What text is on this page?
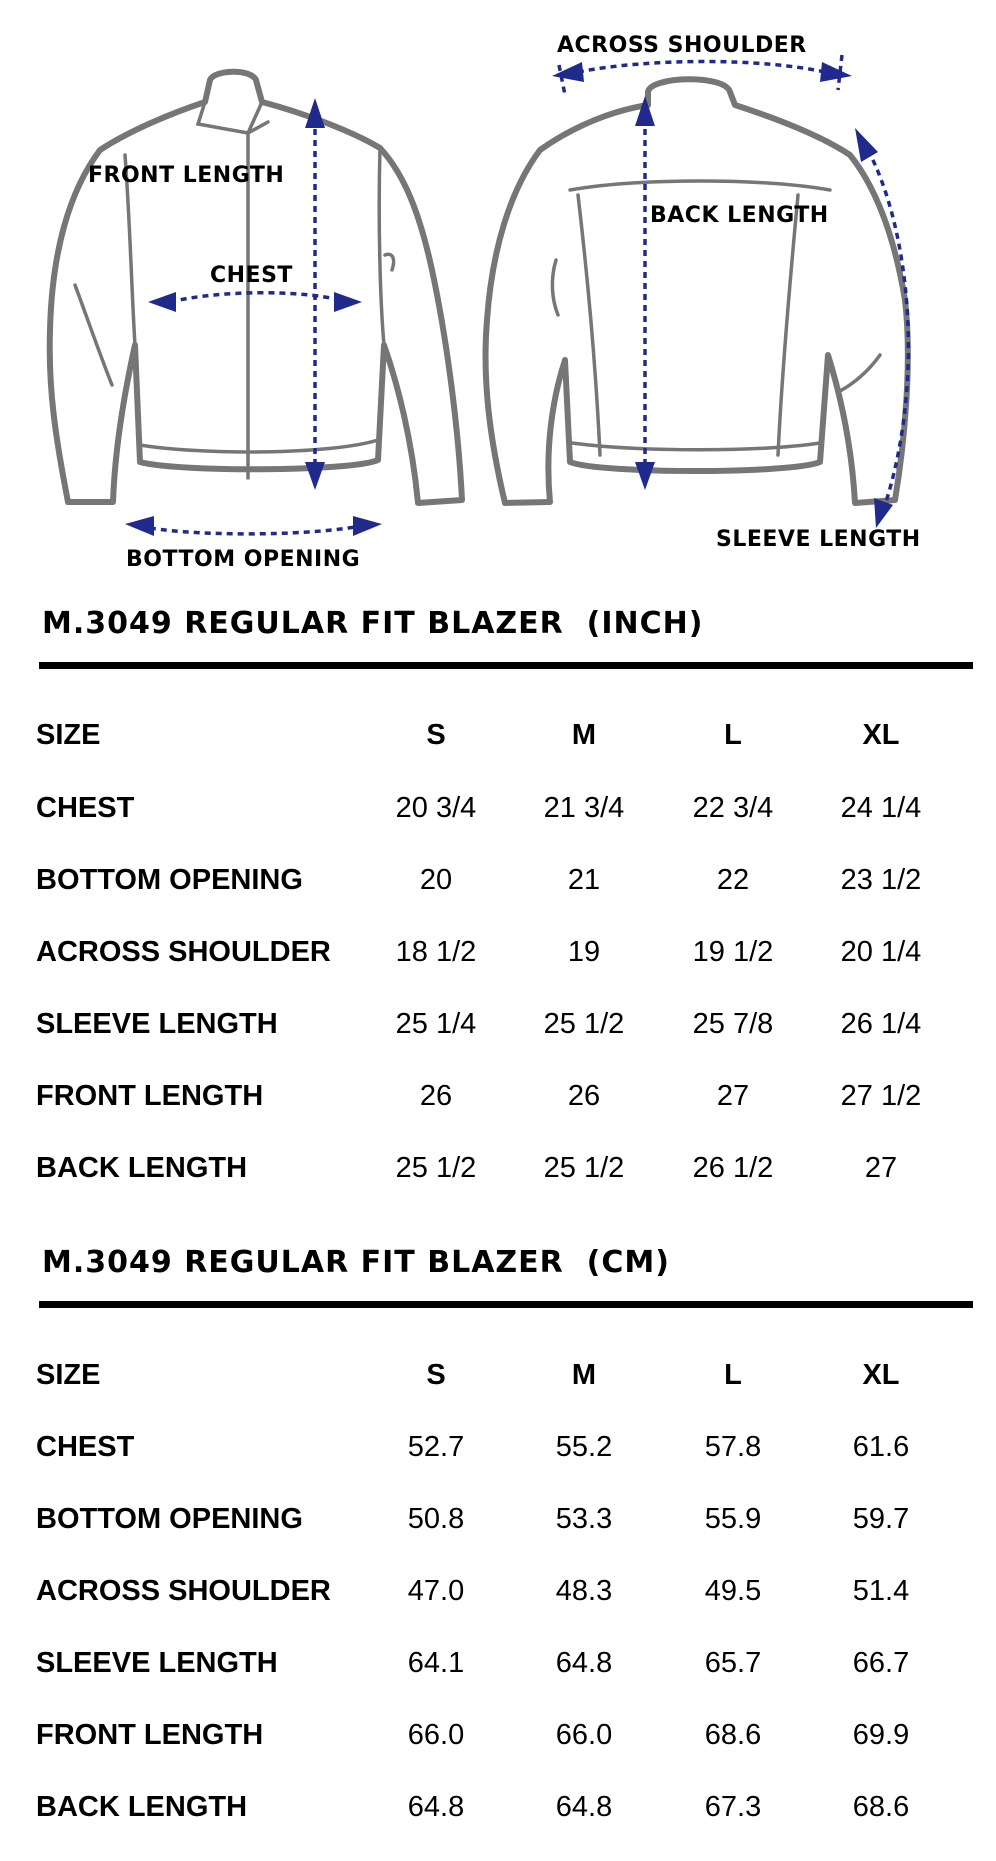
FRONT LENGTH
CHEST
BOTTOM OPENING
ACROSS SHOULDER
BACK LENGTH
SLEEVE LENGTH
M.3049 REGULAR FIT BLAZER  (INCH)
SIZE	S	M	L	XL
CHEST	20 3/4	21 3/4	22 3/4	24 1/4
BOTTOM OPENING	20	21	22	23 1/2
ACROSS SHOULDER	18 1/2	19	19 1/2	20 1/4
SLEEVE LENGTH	25 1/4	25 1/2	25 7/8	26 1/4
FRONT LENGTH	26	26	27	27 1/2
BACK LENGTH	25 1/2	25 1/2	26 1/2	27
M.3049 REGULAR FIT BLAZER  (CM)
SIZE	S	M	L	XL
CHEST	52.7	55.2	57.8	61.6
BOTTOM OPENING	50.8	53.3	55.9	59.7
ACROSS SHOULDER	47.0	48.3	49.5	51.4
SLEEVE LENGTH	64.1	64.8	65.7	66.7
FRONT LENGTH	66.0	66.0	68.6	69.9
BACK LENGTH	64.8	64.8	67.3	68.6
